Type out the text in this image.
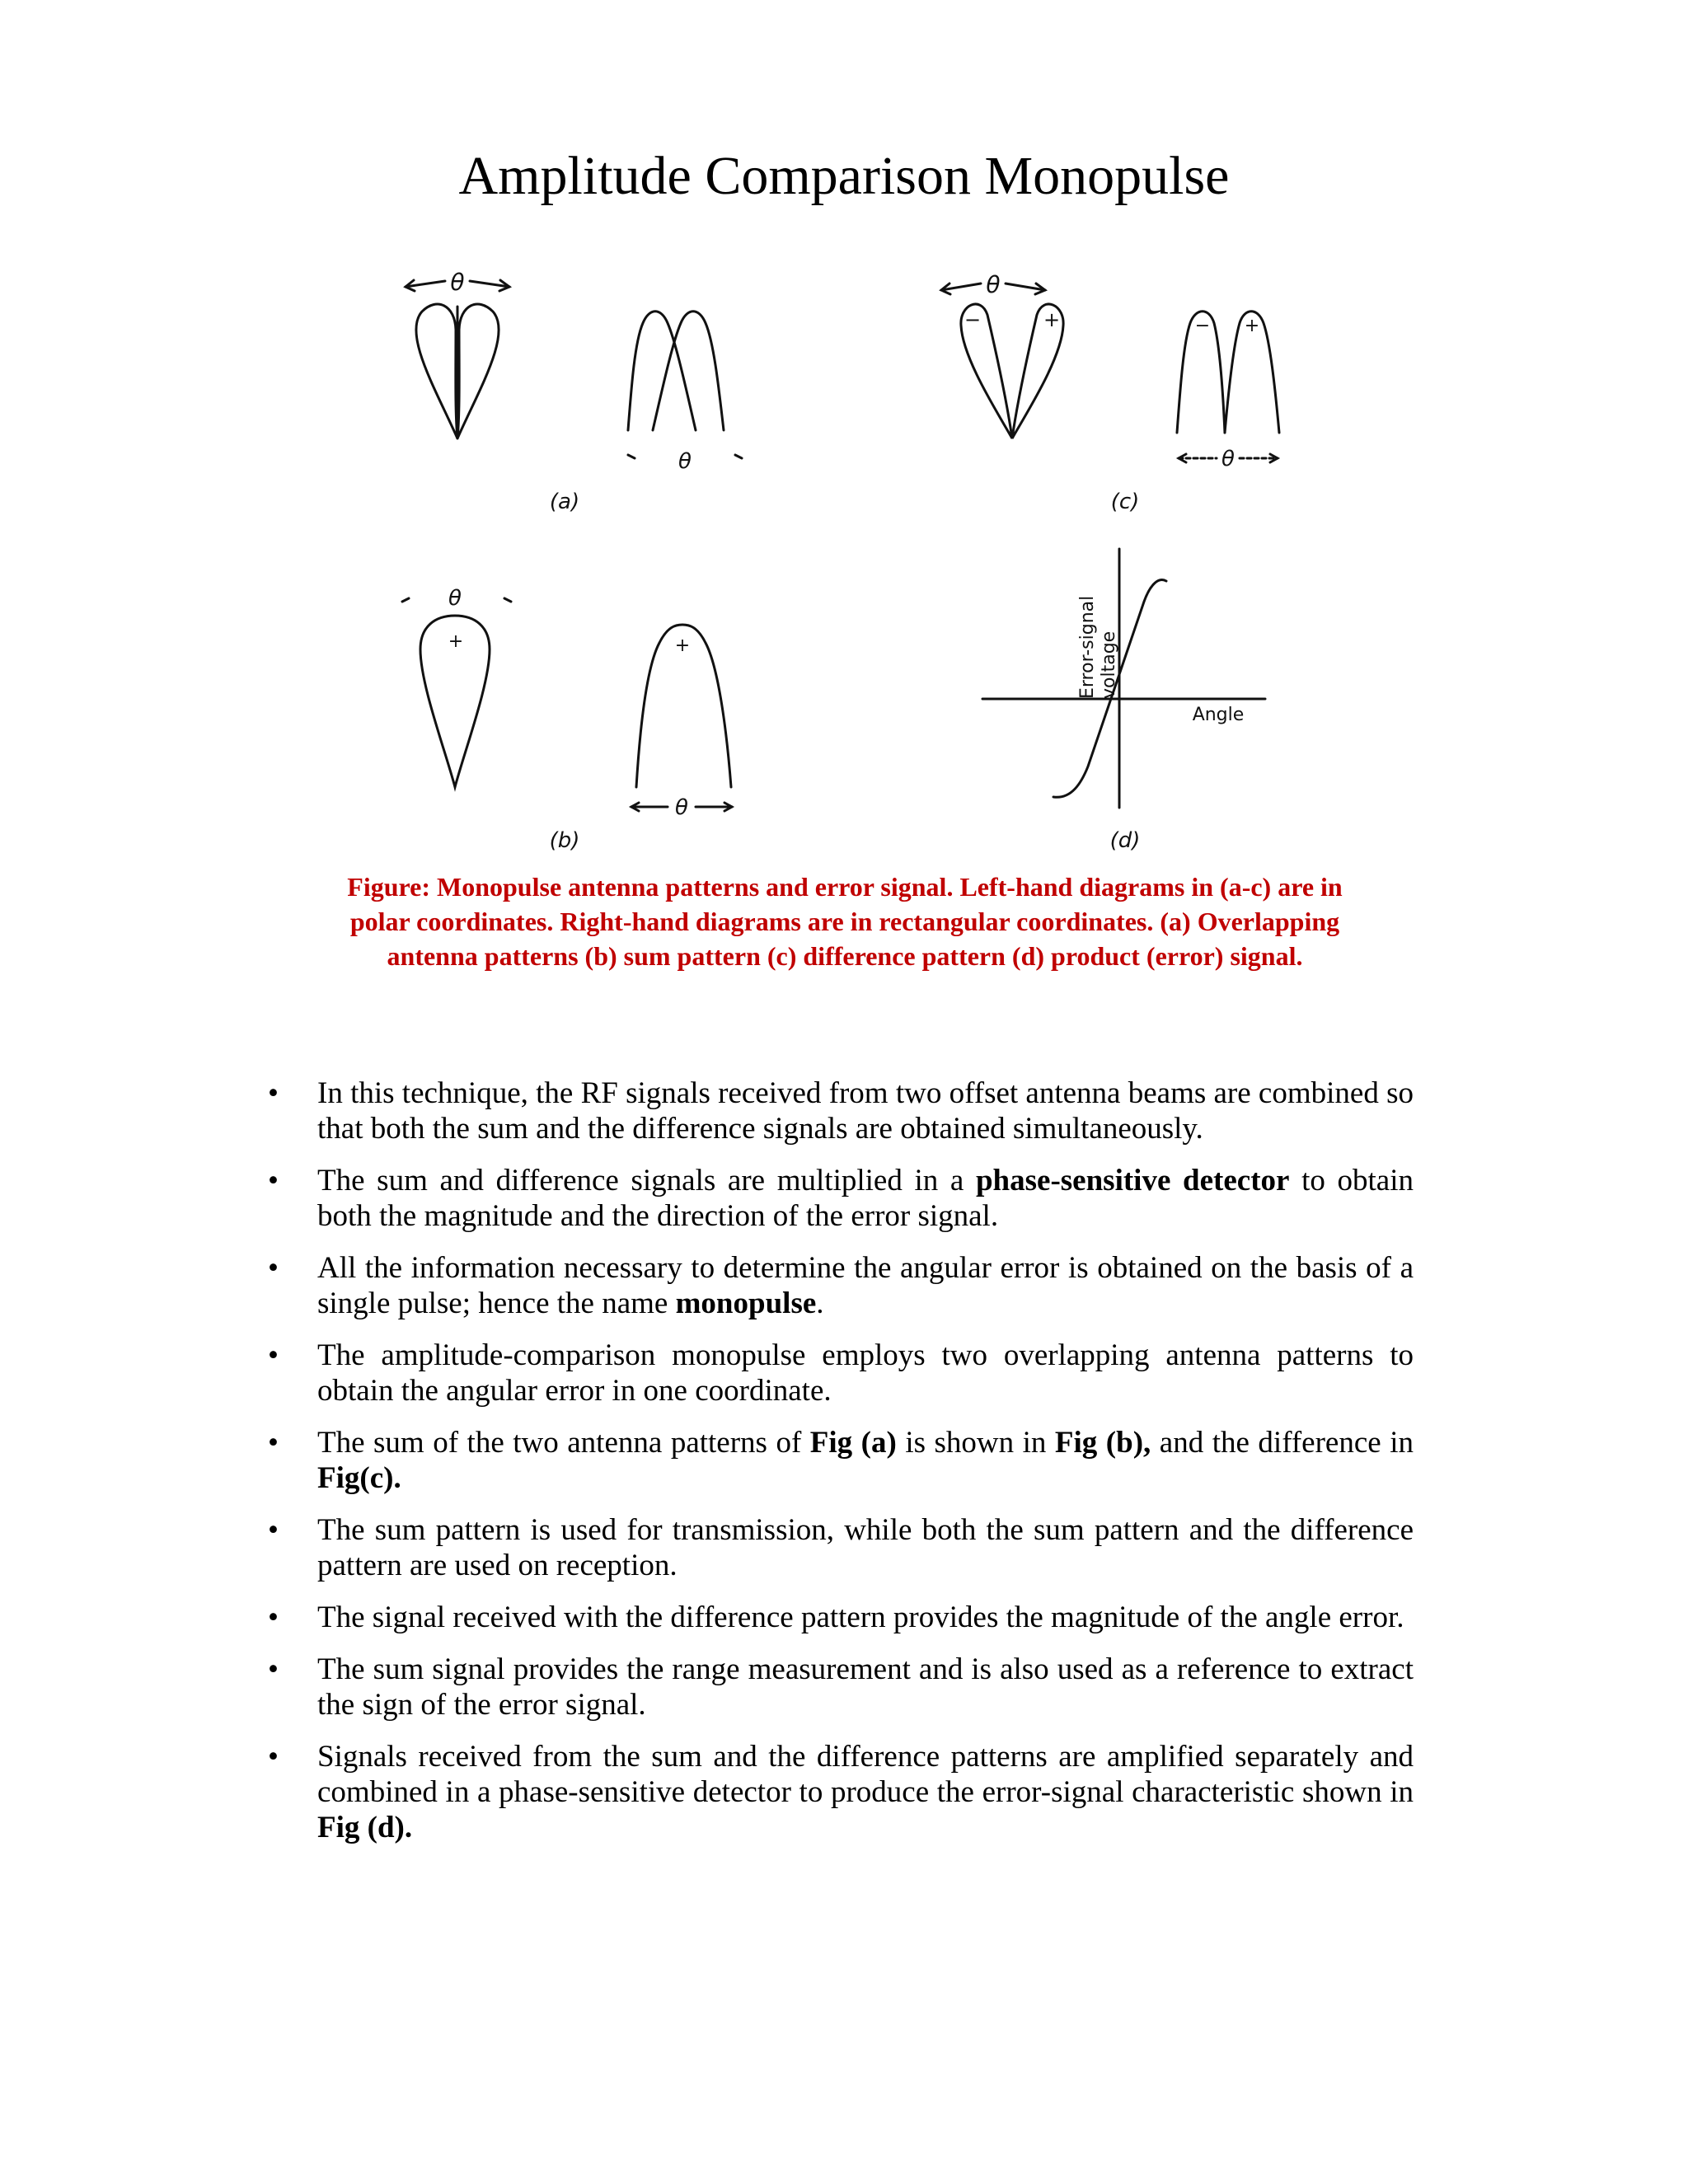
Amplitude Comparison Monopulse
θ
θ
(a)
θ
−	+	− +
θ
(c)
θ
+	+
θ
(b)
Error-signal voltage
Angle
(d)
Figure: Monopulse antenna patterns and error signal. Left-hand diagrams in (a-c) are in polar coordinates. Right-hand diagrams are in rectangular coordinates. (a) Overlapping antenna patterns (b) sum pattern (c) difference pattern (d) product (error) signal.
• In this technique, the RF signals received from two offset antenna beams are combined so that both the sum and the difference signals are obtained simultaneously.
• The sum and difference signals are multiplied in a phase-sensitive detector to obtain both the magnitude and the direction of the error signal.
• All the information necessary to determine the angular error is obtained on the basis of a single pulse; hence the name monopulse.
• The amplitude-comparison monopulse employs two overlapping antenna patterns to obtain the angular error in one coordinate.
• The sum of the two antenna patterns of Fig (a) is shown in Fig (b), and the difference in Fig(c).
• The sum pattern is used for transmission, while both the sum pattern and the difference pattern are used on reception.
• The signal received with the difference pattern provides the magnitude of the angle error.
• The sum signal provides the range measurement and is also used as a reference to extract the sign of the error signal.
• Signals received from the sum and the difference patterns are amplified separately and combined in a phase-sensitive detector to produce the error-signal characteristic shown in Fig (d).
